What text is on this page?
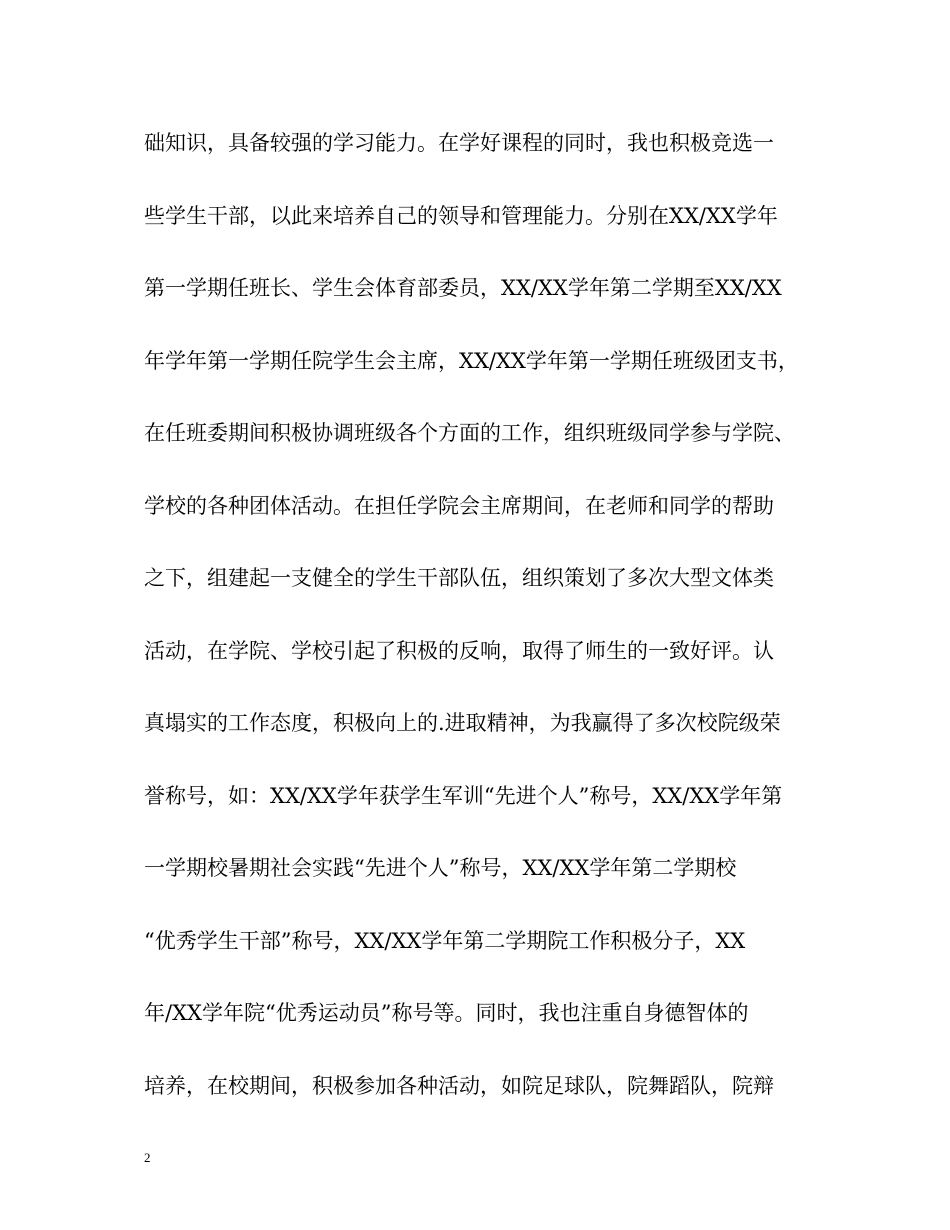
础知识，具备较强的学习能力。在学好课程的同时，我也积极竞选一
些学生干部，以此来培养自己的领导和管理能力。分别在XX/XX学年
第一学期任班长、学生会体育部委员，XX/XX学年第二学期至XX/XX
年学年第一学期任院学生会主席，XX/XX学年第一学期任班级团支书，
在任班委期间积极协调班级各个方面的工作，组织班级同学参与学院、
学校的各种团体活动。在担任学院会主席期间，在老师和同学的帮助
之下，组建起一支健全的学生干部队伍，组织策划了多次大型文体类
活动，在学院、学校引起了积极的反响，取得了师生的一致好评。认
真塌实的工作态度，积极向上的.进取精神，为我赢得了多次校院级荣
誉称号，如：XX/XX学年获学生军训“先进个人”称号，XX/XX学年第
一学期校暑期社会实践“先进个人”称号，XX/XX学年第二学期校
“优秀学生干部”称号，XX/XX学年第二学期院工作积极分子，XX
年/XX学年院“优秀运动员”称号等。同时，我也注重自身德智体的
培养，在校期间，积极参加各种活动，如院足球队，院舞蹈队，院辩
2
